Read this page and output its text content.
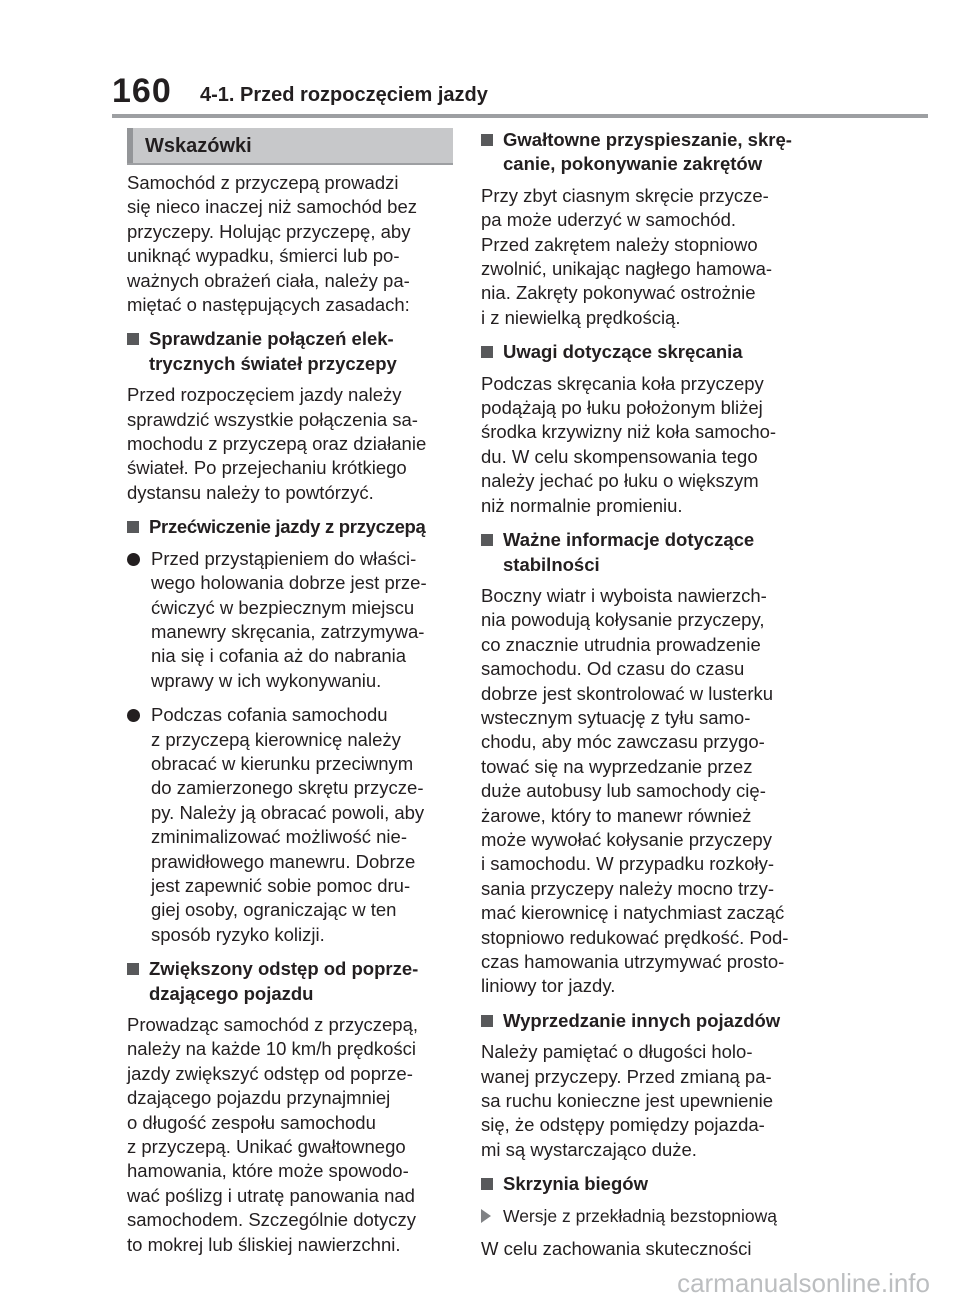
160 4-1. Przed rozpoczęciem jazdy
Wskazówki

Samochód z przyczepą prowadzi
się nieco inaczej niż samochód bez
przyczepy. Holując przyczepę, aby
uniknąć wypadku, śmierci lub po-
ważnych obrażeń ciała, należy pa-
miętać o następujących zasadach:

Sprawdzanie połączeń elek-
trycznych świateł przyczepy

Przed rozpoczęciem jazdy należy
sprawdzić wszystkie połączenia sa-
mochodu z przyczepą oraz działanie
świateł. Po przejechaniu krótkiego
dystansu należy to powtórzyć.

Przećwiczenie jazdy z przyczepą
Przed przystąpieniem do właści-
wego holowania dobrze jest prze-
ćwiczyć w bezpiecznym miejscu
manewry skręcania, zatrzymywa-
nia się i cofania aż do nabrania
wprawy w ich wykonywaniu.
Podczas cofania samochodu
z przyczepą kierownicę należy
obracać w kierunku przeciwnym
do zamierzonego skrętu przycze-
py. Należy ją obracać powoli, aby
zminimalizować możliwość nie-
prawidłowego manewru. Dobrze
jest zapewnić sobie pomoc dru-
giej osoby, ograniczając w ten
sposób ryzyko kolizji.
Zwiększony odstęp od poprze-
dzającego pojazdu

Prowadząc samochód z przyczepą,
należy na każde 10 km/h prędkości
jazdy zwiększyć odstęp od poprze-
dzającego pojazdu przynajmniej
o długość zespołu samochodu
z przyczepą. Unikać gwałtownego
hamowania, które może spowodo-
wać poślizg i utratę panowania nad
samochodem. Szczególnie dotyczy
to mokrej lub śliskiej nawierzchni.

Gwałtowne przyspieszanie, skrę-
canie, pokonywanie zakrętów

Przy zbyt ciasnym skręcie przycze-
pa może uderzyć w samochód.
Przed zakrętem należy stopniowo
zwolnić, unikając nagłego hamowa-
nia. Zakręty pokonywać ostrożnie
i z niewielką prędkością.

Uwagi dotyczące skręcania

Podczas skręcania koła przyczepy
podążają po łuku położonym bliżej
środka krzywizny niż koła samocho-
du. W celu skompensowania tego
należy jechać po łuku o większym
niż normalnie promieniu.

Ważne informacje dotyczące
stabilności

Boczny wiatr i wyboista nawierzch-
nia powodują kołysanie przyczepy,
co znacznie utrudnia prowadzenie
samochodu. Od czasu do czasu
dobrze jest skontrolować w lusterku
wstecznym sytuację z tyłu samo-
chodu, aby móc zawczasu przygo-
tować się na wyprzedzanie przez
duże autobusy lub samochody cię-
żarowe, który to manewr również
może wywołać kołysanie przyczepy
i samochodu. W przypadku rozkoły-
sania przyczepy należy mocno trzy-
mać kierownicę i natychmiast zacząć
stopniowo redukować prędkość. Pod-
czas hamowania utrzymywać prosto-
liniowy tor jazdy.

Wyprzedzanie innych pojazdów

Należy pamiętać o długości holo-
wanej przyczepy. Przed zmianą pa-
sa ruchu konieczne jest upewnienie
się, że odstępy pomiędzy pojazda-
mi są wystarczająco duże.

Skrzynia biegów
Wersje z przekładnią bezstopniową

W celu zachowania skuteczności

carmanualsonline.info
